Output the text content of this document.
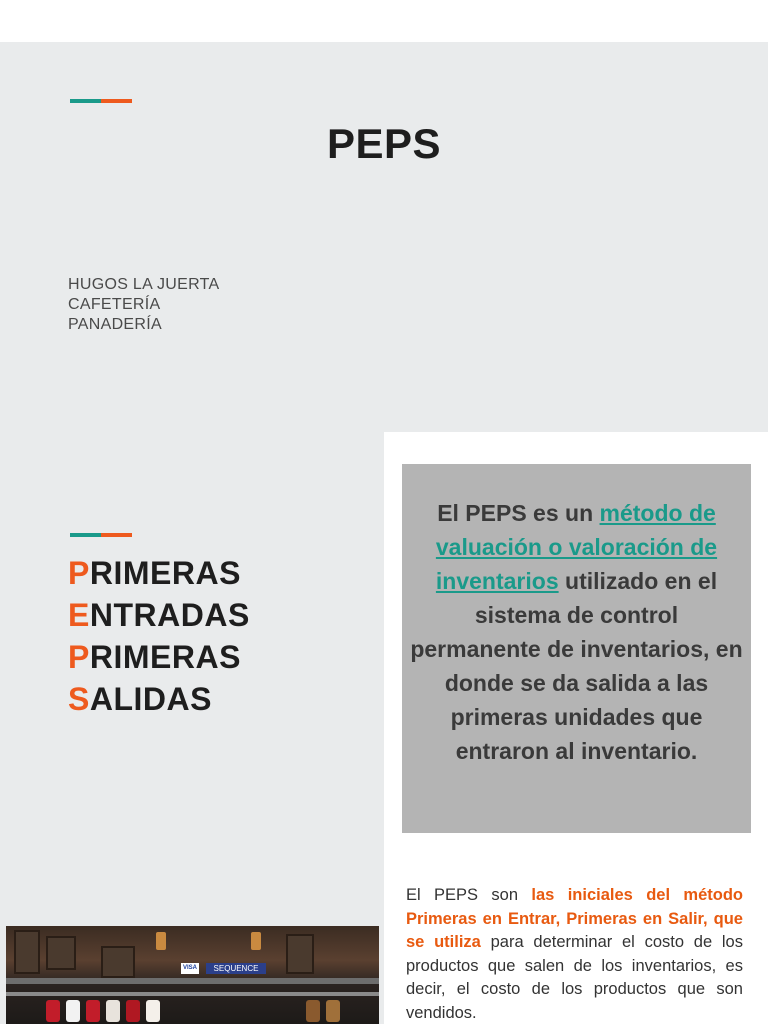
PEPS
HUGOS LA JUERTA
CAFETERÍA
PANADERÍA
PRIMERAS
ENTRADAS
PRIMERAS
SALIDAS
El PEPS es un método de valuación o valoración de inventarios utilizado en el sistema de control permanente de inventarios, en donde se da salida a las primeras unidades que entraron al inventario.
El PEPS son las iniciales del método Primeras en Entrar, Primeras en Salir, que se utiliza para determinar el costo de los productos que salen de los inventarios, es decir, el costo de los productos que son vendidos.
VISA	SEQUENCE
